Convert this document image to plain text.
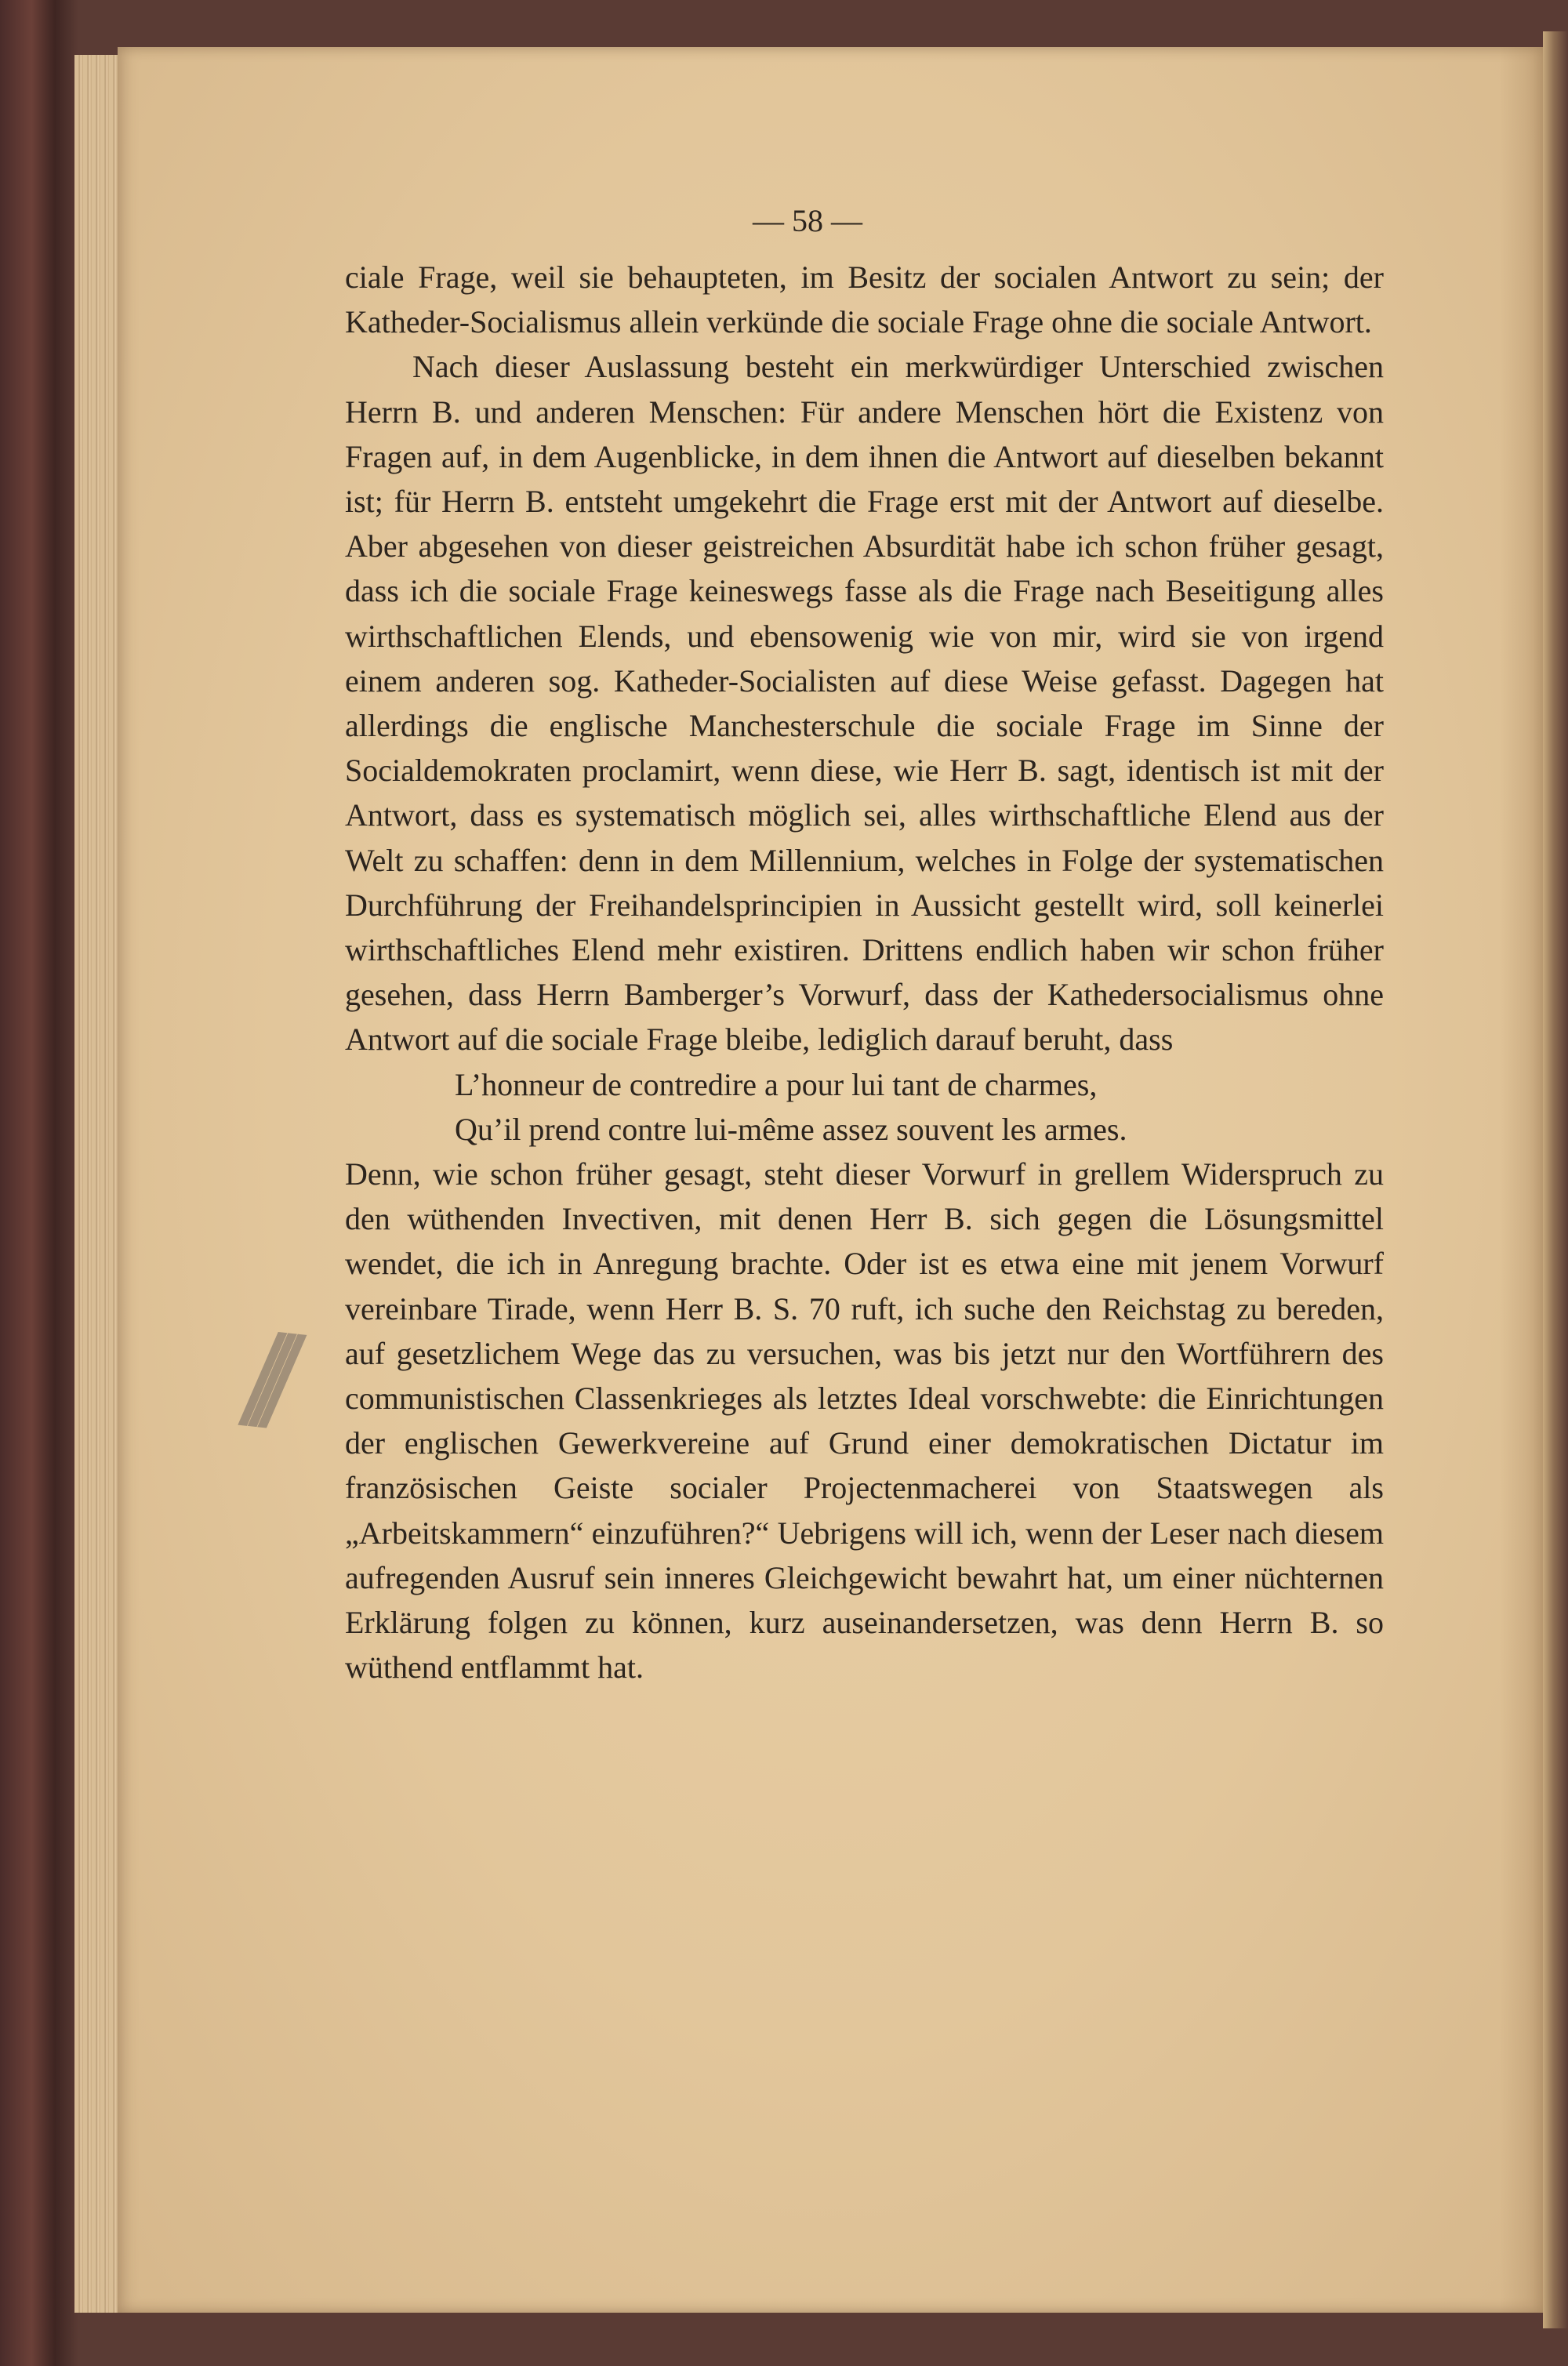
///
— 58 —

ciale Frage, weil sie behaupteten, im Besitz der socialen Antwort zu sein; der Katheder-Socialismus allein verkünde die sociale Frage ohne die sociale Antwort.

Nach dieser Auslassung besteht ein merkwürdiger Unterschied zwischen Herrn B. und anderen Menschen: Für andere Menschen hört die Existenz von Fragen auf, in dem Augenblicke, in dem ihnen die Antwort auf dieselben bekannt ist; für Herrn B. entsteht umgekehrt die Frage erst mit der Antwort auf dieselbe. Aber abgesehen von dieser geistreichen Absurdität habe ich schon früher gesagt, dass ich die sociale Frage keineswegs fasse als die Frage nach Beseitigung alles wirthschaftlichen Elends, und ebensowenig wie von mir, wird sie von irgend einem anderen sog. Katheder-Socialisten auf diese Weise gefasst. Dagegen hat allerdings die englische Manchesterschule die sociale Frage im Sinne der Socialdemokraten proclamirt, wenn diese, wie Herr B. sagt, identisch ist mit der Antwort, dass es systematisch möglich sei, alles wirthschaftliche Elend aus der Welt zu schaffen: denn in dem Millennium, welches in Folge der systematischen Durchführung der Freihandelsprincipien in Aussicht gestellt wird, soll keinerlei wirthschaftliches Elend mehr existiren. Drittens endlich haben wir schon früher gesehen, dass Herrn Bamberger’s Vorwurf, dass der Kathedersocialismus ohne Antwort auf die sociale Frage bleibe, lediglich darauf beruht, dass

L’honneur de contredire a pour lui tant de charmes,

Qu’il prend contre lui-même assez souvent les armes.

Denn, wie schon früher gesagt, steht dieser Vorwurf in grellem Widerspruch zu den wüthenden Invectiven, mit denen Herr B. sich gegen die Lösungsmittel wendet, die ich in Anregung brachte. Oder ist es etwa eine mit jenem Vorwurf vereinbare Tirade, wenn Herr B. S. 70 ruft, ich suche den Reichstag zu bereden, auf gesetzlichem Wege das zu versuchen, was bis jetzt nur den Wortführern des communistischen Classenkrieges als letztes Ideal vorschwebte: die Einrichtungen der englischen Gewerkvereine auf Grund einer demokratischen Dictatur im französischen Geiste socialer Projectenmacherei von Staatswegen als „Arbeitskammern“ einzuführen?“ Uebrigens will ich, wenn der Leser nach diesem aufregenden Ausruf sein inneres Gleichgewicht bewahrt hat, um einer nüchternen Erklärung folgen zu können, kurz auseinandersetzen, was denn Herrn B. so wüthend entflammt hat.
